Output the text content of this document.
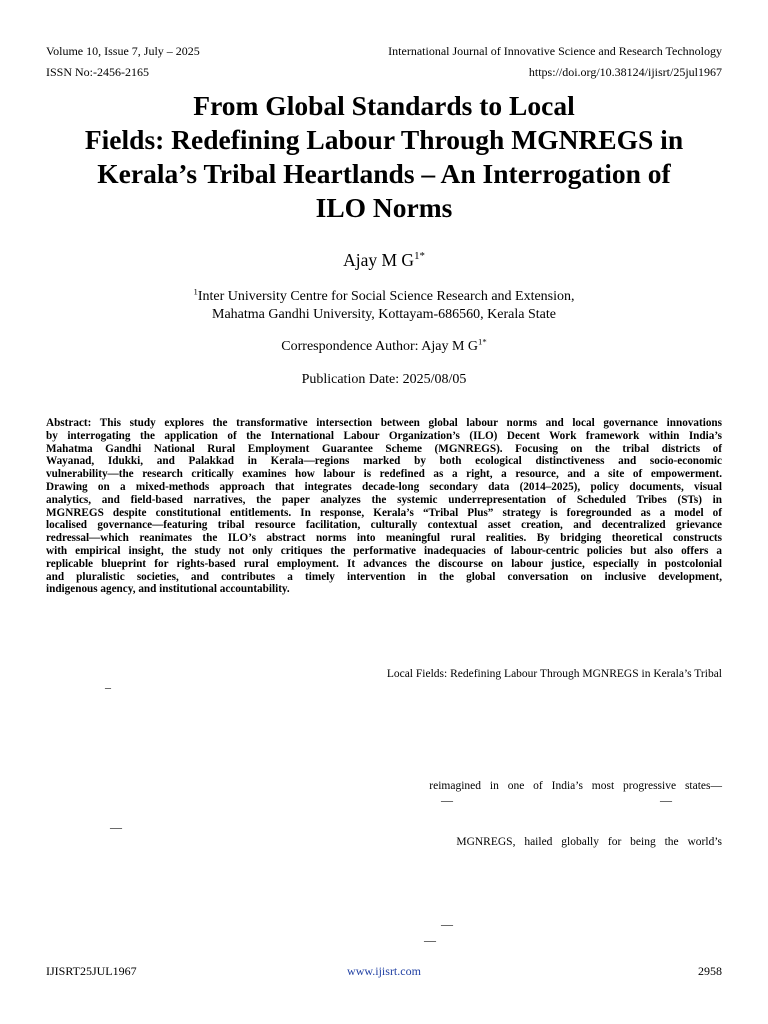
Volume 10, Issue 7, July – 2025	International Journal of Innovative Science and Research Technology
ISSN No:-2456-2165	https://doi.org/10.38124/ijisrt/25jul1967
From Global Standards to Local
Fields: Redefining Labour Through MGNREGS in
Kerala’s Tribal Heartlands – An Interrogation of
ILO Norms
Ajay M $G^{1*}$
$^1$Inter University Centre for Social Science Research and Extension,
Mahatma Gandhi University, Kottayam-686560, Kerala State
Correspondence Author: Ajay M $G^{1*}$
Publication Date: 2025/08/05
Abstract: This study explores the transformative intersection between global labour norms and local governance innovations
by interrogating the application of the International Labour Organization’s (ILO) Decent Work framework within India’s
Mahatma Gandhi National Rural Employment Guarantee Scheme (MGNREGS). Focusing on the tribal districts of
Wayanad, Idukki, and Palakkad in Kerala—regions marked by both ecological distinctiveness and socio-economic
vulnerability—the research critically examines how labour is redefined as a right, a resource, and a site of empowerment.
Drawing on a mixed-methods approach that integrates decade-long secondary data (2014–2025), policy documents, visual
analytics, and field-based narratives, the paper analyzes the systemic underrepresentation of Scheduled Tribes (STs) in
MGNREGS despite constitutional entitlements. In response, Kerala’s “Tribal Plus” strategy is foregrounded as a model of
localised governance—featuring tribal resource facilitation, culturally contextual asset creation, and decentralized grievance
redressal—which reanimates the ILO’s abstract norms into meaningful rural realities. By bridging theoretical constructs
with empirical insight, the study not only critiques the performative inadequacies of labour-centric policies but also offers a
replicable blueprint for rights-based rural employment. It advances the discourse on labour justice, especially in postcolonial
and pluralistic societies, and contributes a timely intervention in the global conversation on inclusive development,
indigenous agency, and institutional accountability.
Local Fields: Redefining Labour Through MGNREGS in Kerala’s Tribal
–
reimagined in one of India’s most progressive states—
—	—
—
MGNREGS, hailed globally for being the world’s
—
—
IJISRT25JUL1967	www.ijisrt.com	2958
